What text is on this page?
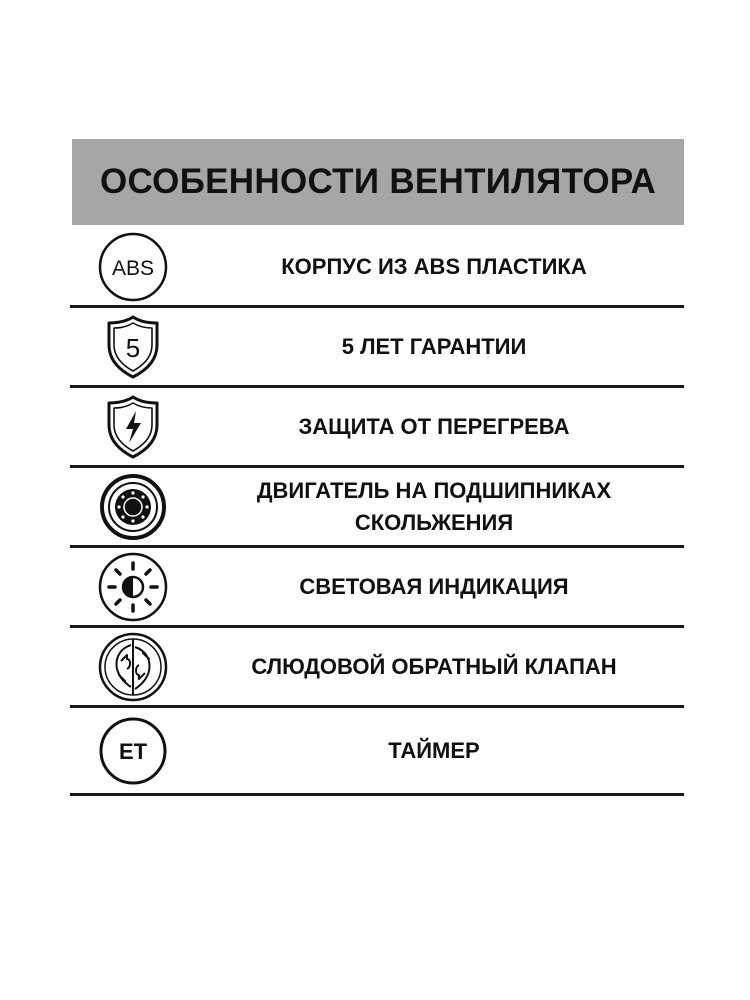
ОСОБЕННОСТИ ВЕНТИЛЯТОРА
ABS	КОРПУС ИЗ ABS ПЛАСТИКА
5	5 ЛЕТ ГАРАНТИИ
ЗАЩИТА ОТ ПЕРЕГРЕВА
ДВИГАТЕЛЬ НА ПОДШИПНИКАХ
СКОЛЬЖЕНИЯ
СВЕТОВАЯ ИНДИКАЦИЯ
СЛЮДОВОЙ ОБРАТНЫЙ КЛАПАН
ET	ТАЙМЕР
